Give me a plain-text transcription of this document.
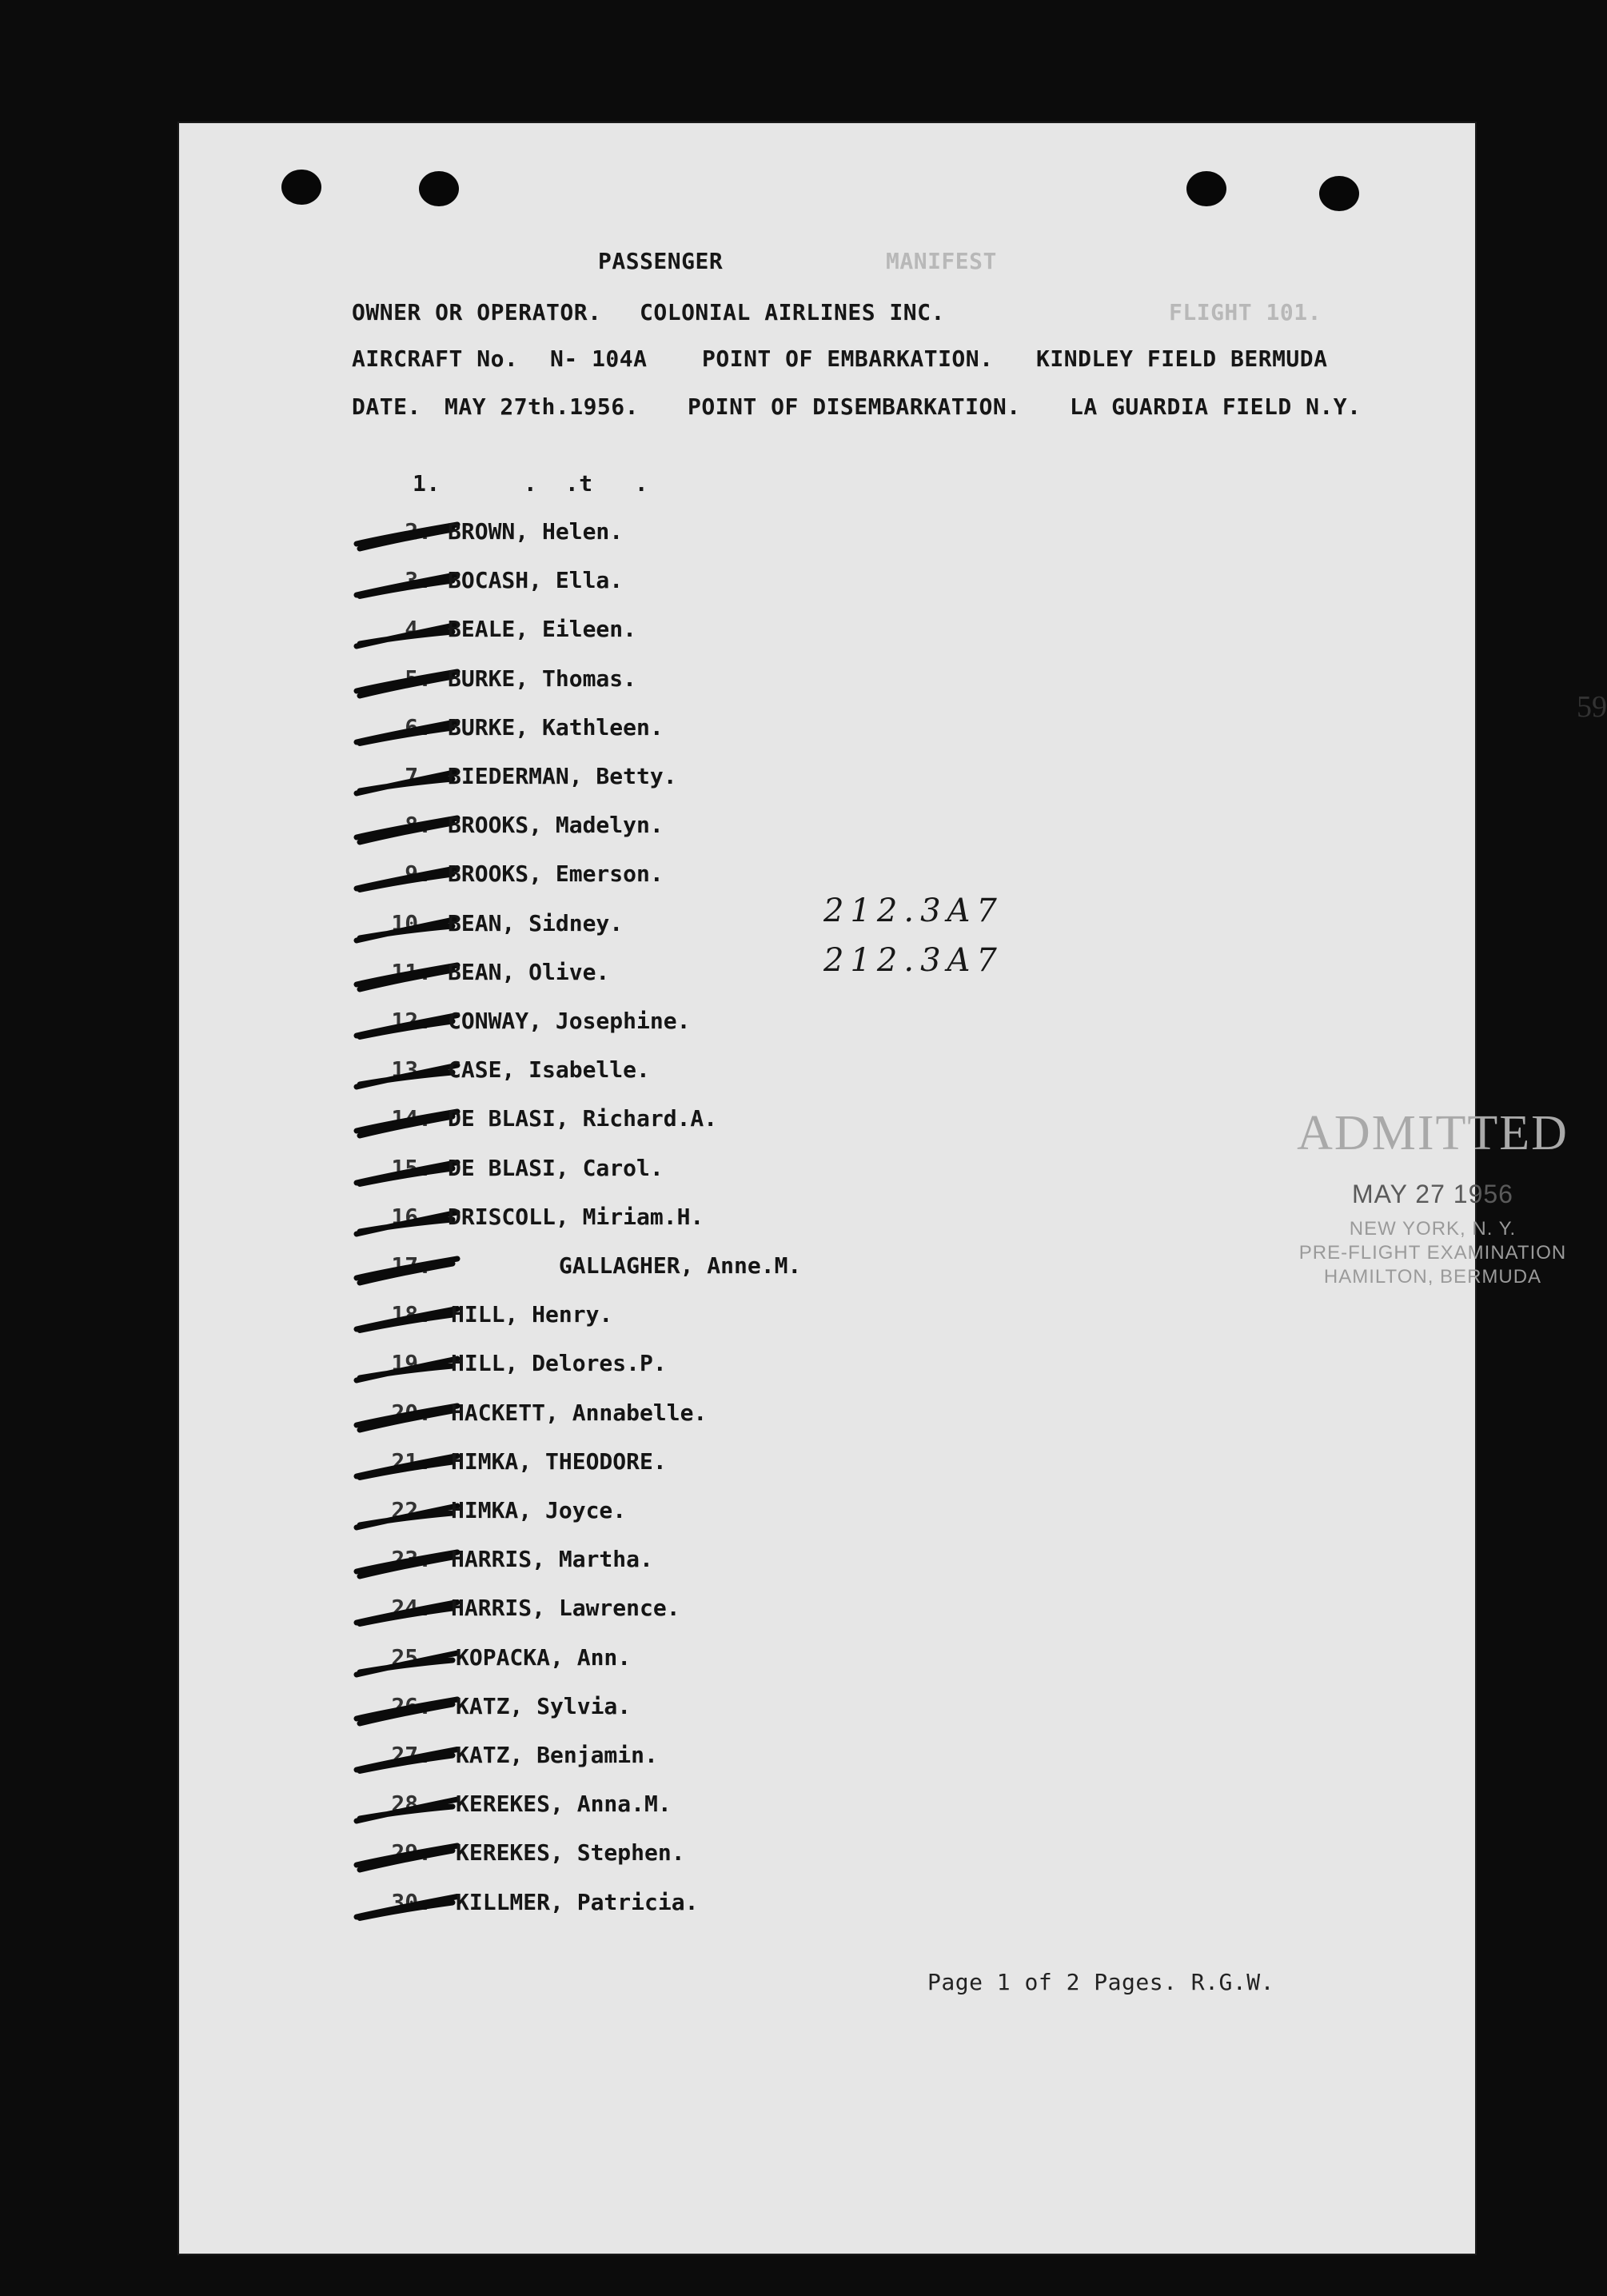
PASSENGER	MANIFEST
OWNER OR OPERATOR. COLONIAL AIRLINES INC.	FLIGHT 101.
AIRCRAFT No. N- 104A POINT OF EMBARKATION. KINDLEY FIELD BERMUDA
DATE. MAY 27th.1956. POINT OF DISEMBARKATION. LA GUARDIA FIELD N.Y.
1.      .  .t   .
2. BROWN, Helen.
3. BOCASH, Ella.
4. BEALE, Eileen.
5. BURKE, Thomas.
6. BURKE, Kathleen.
7. BIEDERMAN, Betty.
8. BROOKS, Madelyn.
9. BROOKS, Emerson.
10. BEAN, Sidney.
11. BEAN, Olive.
12. CONWAY, Josephine.
13. CASE, Isabelle.
14. DE BLASI, Richard.A.
15. DE BLASI, Carol.
16. DRISCOLL, Miriam.H.
17. GALLAGHER, Anne.M.
18. HILL, Henry.
19. HILL, Delores.P.
20. HACKETT, Annabelle.
21. HIMKA, THEODORE.
22. HIMKA, Joyce.
23. HARRIS, Martha.
24. HARRIS, Lawrence.
25. KOPACKA, Ann.
26. KATZ, Sylvia.
27. KATZ, Benjamin.
28. KEREKES, Anna.M.
29. KEREKES, Stephen.
30. KILLMER, Patricia.
212.3A7
212.3A7
59
ADMITTED
MAY 27 1956
NEW YORK, N. Y.
PRE-FLIGHT EXAMINATION
HAMILTON, BERMUDA
Page 1 of 2 Pages. R.G.W.
